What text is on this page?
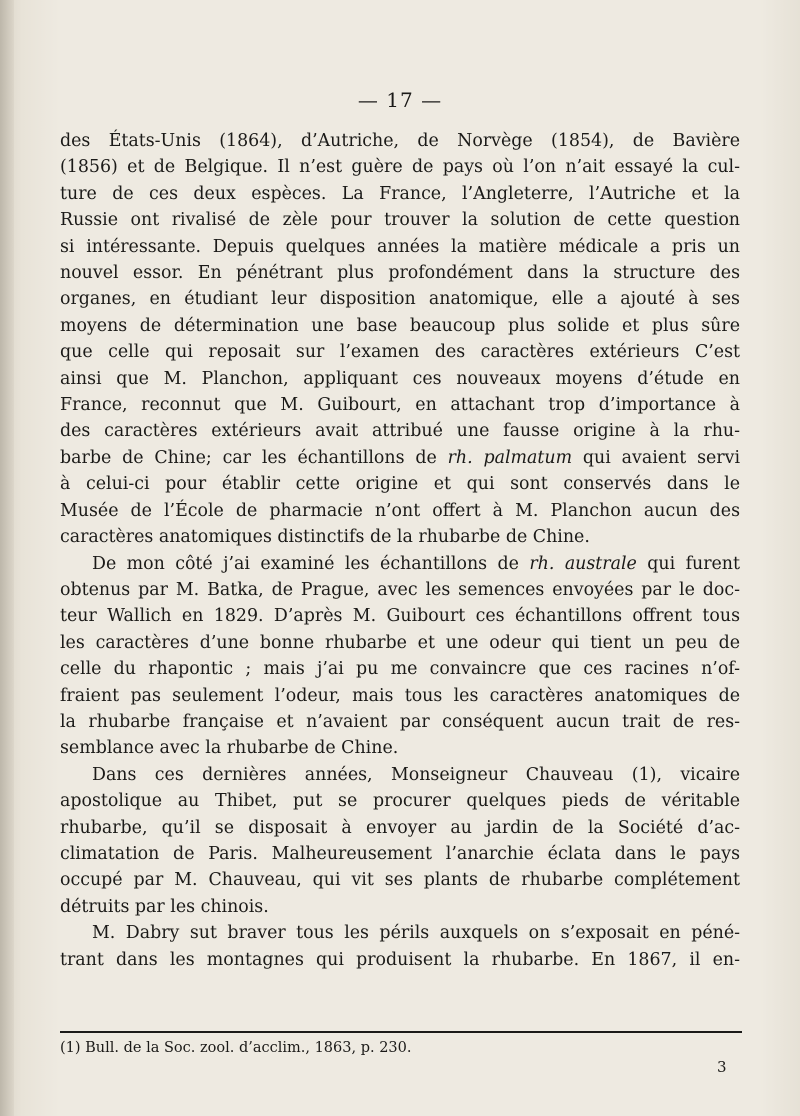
— 17 —
des États-Unis (1864), d’Autriche, de Norvège (1854), de Bavière
(1856) et de Belgique. Il n’est guère de pays où l’on n’ait essayé la cul-
ture de ces deux espèces. La France, l’Angleterre, l’Autriche et la
Russie ont rivalisé de zèle pour trouver la solution de cette question
si intéressante. Depuis quelques années la matière médicale a pris un
nouvel essor. En pénétrant plus profondément dans la structure des
organes, en étudiant leur disposition anatomique, elle a ajouté à ses
moyens de détermination une base beaucoup plus solide et plus sûre
que celle qui reposait sur l’examen des caractères extérieurs C’est
ainsi que M. Planchon, appliquant ces nouveaux moyens d’étude en
France, reconnut que M. Guibourt, en attachant trop d’importance à
des caractères extérieurs avait attribué une fausse origine à la rhu-
barbe de Chine; car les échantillons de rh. palmatum qui avaient servi
à celui-ci pour établir cette origine et qui sont conservés dans le
Musée de l’École de pharmacie n’ont offert à M. Planchon aucun des
caractères anatomiques distinctifs de la rhubarbe de Chine.
De mon côté j’ai examiné les échantillons de rh. australe qui furent
obtenus par M. Batka, de Prague, avec les semences envoyées par le doc-
teur Wallich en 1829. D’après M. Guibourt ces échantillons offrent tous
les caractères d’une bonne rhubarbe et une odeur qui tient un peu de
celle du rhapontic ; mais j’ai pu me convaincre que ces racines n’of-
fraient pas seulement l’odeur, mais tous les caractères anatomiques de
la rhubarbe française et n’avaient par conséquent aucun trait de res-
semblance avec la rhubarbe de Chine.
Dans ces dernières années, Monseigneur Chauveau (1), vicaire
apostolique au Thibet, put se procurer quelques pieds de véritable
rhubarbe, qu’il se disposait à envoyer au jardin de la Société d’ac-
climatation de Paris. Malheureusement l’anarchie éclata dans le pays
occupé par M. Chauveau, qui vit ses plants de rhubarbe complétement
détruits par les chinois.
M. Dabry sut braver tous les périls auxquels on s’exposait en péné-
trant dans les montagnes qui produisent la rhubarbe. En 1867, il en-
(1) Bull. de la Soc. zool. d’acclim., 1863, p. 230.
3
